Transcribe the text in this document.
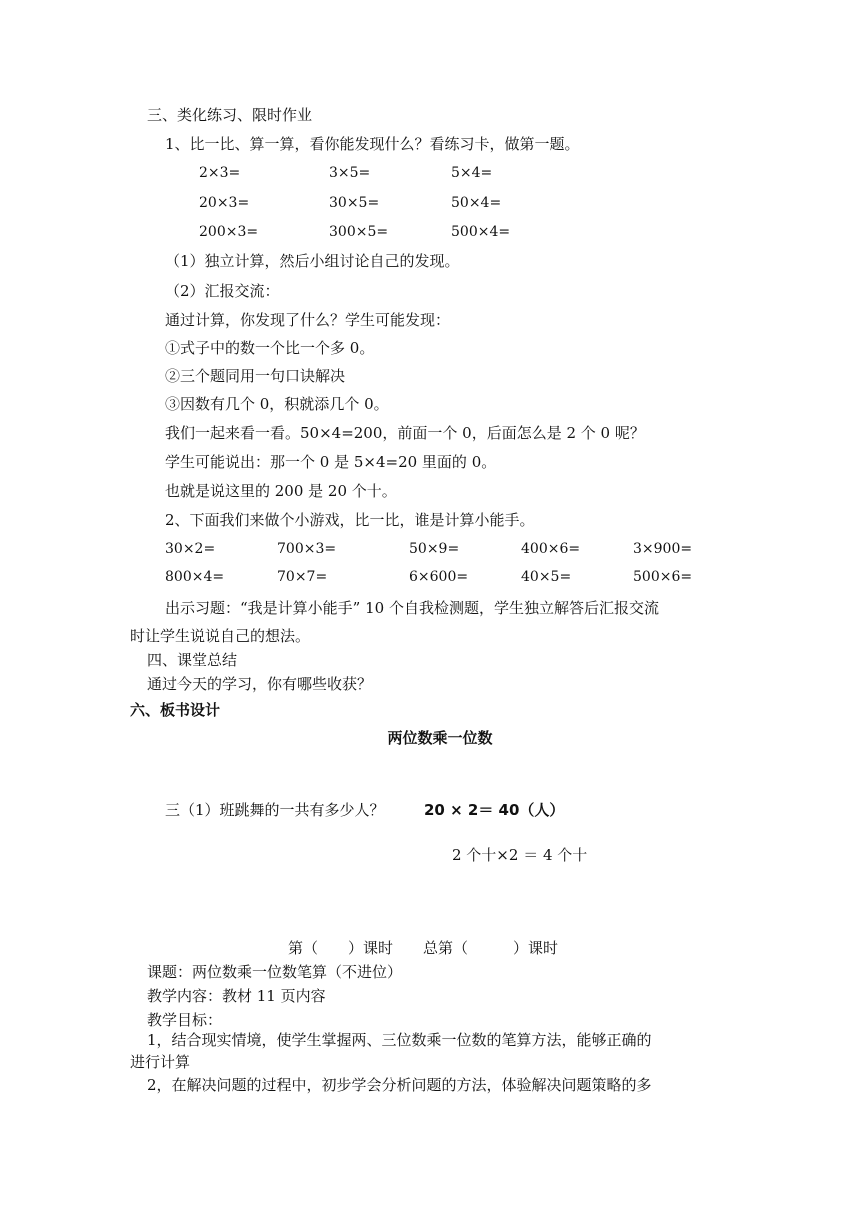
三、类化练习、限时作业
1、比一比、算一算，看你能发现什么？看练习卡，做第一题。
2×3=	3×5=	5×4=
20×3=	30×5=	50×4=
200×3=	300×5=	500×4=
（1）独立计算，然后小组讨论自己的发现。
（2）汇报交流：
通过计算，你发现了什么？学生可能发现：
①式子中的数一个比一个多 0。
②三个题同用一句口诀解决
③因数有几个 0，积就添几个 0。
我们一起来看一看。50×4=200，前面一个 0，后面怎么是 2 个 0 呢？
学生可能说出：那一个 0 是 5×4=20 里面的 0。
也就是说这里的 200 是 20 个十。
2、下面我们来做个小游戏，比一比，谁是计算小能手。
30×2=	700×3=	50×9=	400×6=	3×900=
800×4=	70×7=	6×600=	40×5=	500×6=
出示习题：“我是计算小能手” 10 个自我检测题，学生独立解答后汇报交流
时让学生说说自己的想法。
四、课堂总结
通过今天的学习，你有哪些收获？
六、板书设计
两位数乘一位数
三（1）班跳舞的一共有多少人？	20 × 2＝ 40（人）
2 个十×2 ＝ 4 个十
第（　　）课时　　总第（　　　）课时
课题：两位数乘一位数笔算（不进位）
教学内容：教材 11 页内容
教学目标：
1，结合现实情境，使学生掌握两、三位数乘一位数的笔算方法，能够正确的
进行计算
2，在解决问题的过程中，初步学会分析问题的方法，体验解决问题策略的多
